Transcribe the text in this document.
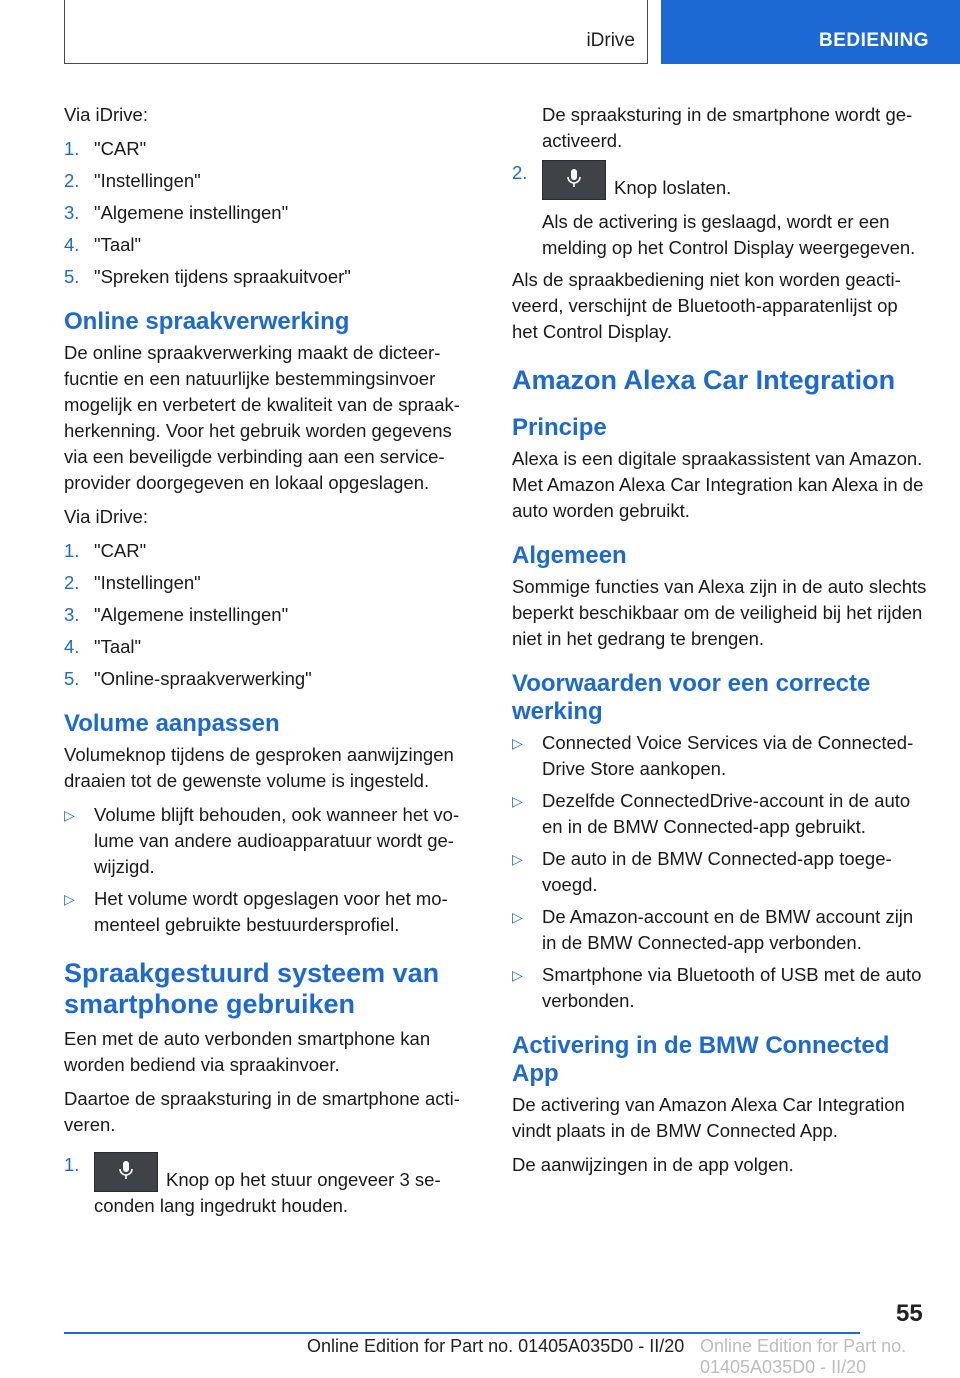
iDrive	BEDIENING

Via iDrive:

1. "CAR"
2. "Instellingen"
3. "Algemene instellingen"
4. "Taal"
5. "Spreken tijdens spraakuitvoer"
Online spraakverwerking

De online spraakverwerking maakt de dicteerfucntie en een natuurlijke bestemmingsinvoer mogelijk en verbetert de kwaliteit van de spraakherkenning. Voor het gebruik worden gegevens via een beveiligde verbinding aan een serviceprovider doorgegeven en lokaal opgeslagen.

Via iDrive:

1. "CAR"
2. "Instellingen"
3. "Algemene instellingen"
4. "Taal"
5. "Online-spraakverwerking"
Volume aanpassen

Volumeknop tijdens de gesproken aanwijzingen draaien tot de gewenste volume is ingesteld.

▷	Volume blijft behouden, ook wanneer het volume van andere audioapparatuur wordt gewijzigd.
▷	Het volume wordt opgeslagen voor het momenteel gebruikte bestuurdersprofiel.
Spraakgestuurd systeem van smartphone gebruiken

Een met de auto verbonden smartphone kan worden bediend via spraakinvoer.

Daartoe de spraaksturing in de smartphone activeren.

1.
Knop op het stuur ongeveer 3 seconden lang ingedrukt houden.

De spraaksturing in de smartphone wordt geactiveerd.

2.
Knop loslaten.

Als de activering is geslaagd, wordt er een melding op het Control Display weergegeven.

Als de spraakbediening niet kon worden geactiveerd, verschijnt de Bluetooth-apparatenlijst op het Control Display.

Amazon Alexa Car Integration
Principe

Alexa is een digitale spraakassistent van Amazon. Met Amazon Alexa Car Integration kan Alexa in de auto worden gebruikt.

Algemeen

Sommige functies van Alexa zijn in de auto slechts beperkt beschikbaar om de veiligheid bij het rijden niet in het gedrang te brengen.

Voorwaarden voor een correcte werking
▷	Connected Voice Services via de ConnectedDrive Store aankopen.
▷	Dezelfde ConnectedDrive-account in de auto en in de BMW Connected-app gebruikt.
▷	De auto in de BMW Connected-app toegevoegd.
▷	De Amazon-account en de BMW account zijn in de BMW Connected-app verbonden.
▷	Smartphone via Bluetooth of USB met de auto verbonden.
Activering in de BMW Connected App

De activering van Amazon Alexa Car Integration vindt plaats in de BMW Connected App.

De aanwijzingen in de app volgen.

55
Online Edition for Part no. 01405A035D0 - II/20
Online Edition for Part no. 01405A035D0 - II/20
